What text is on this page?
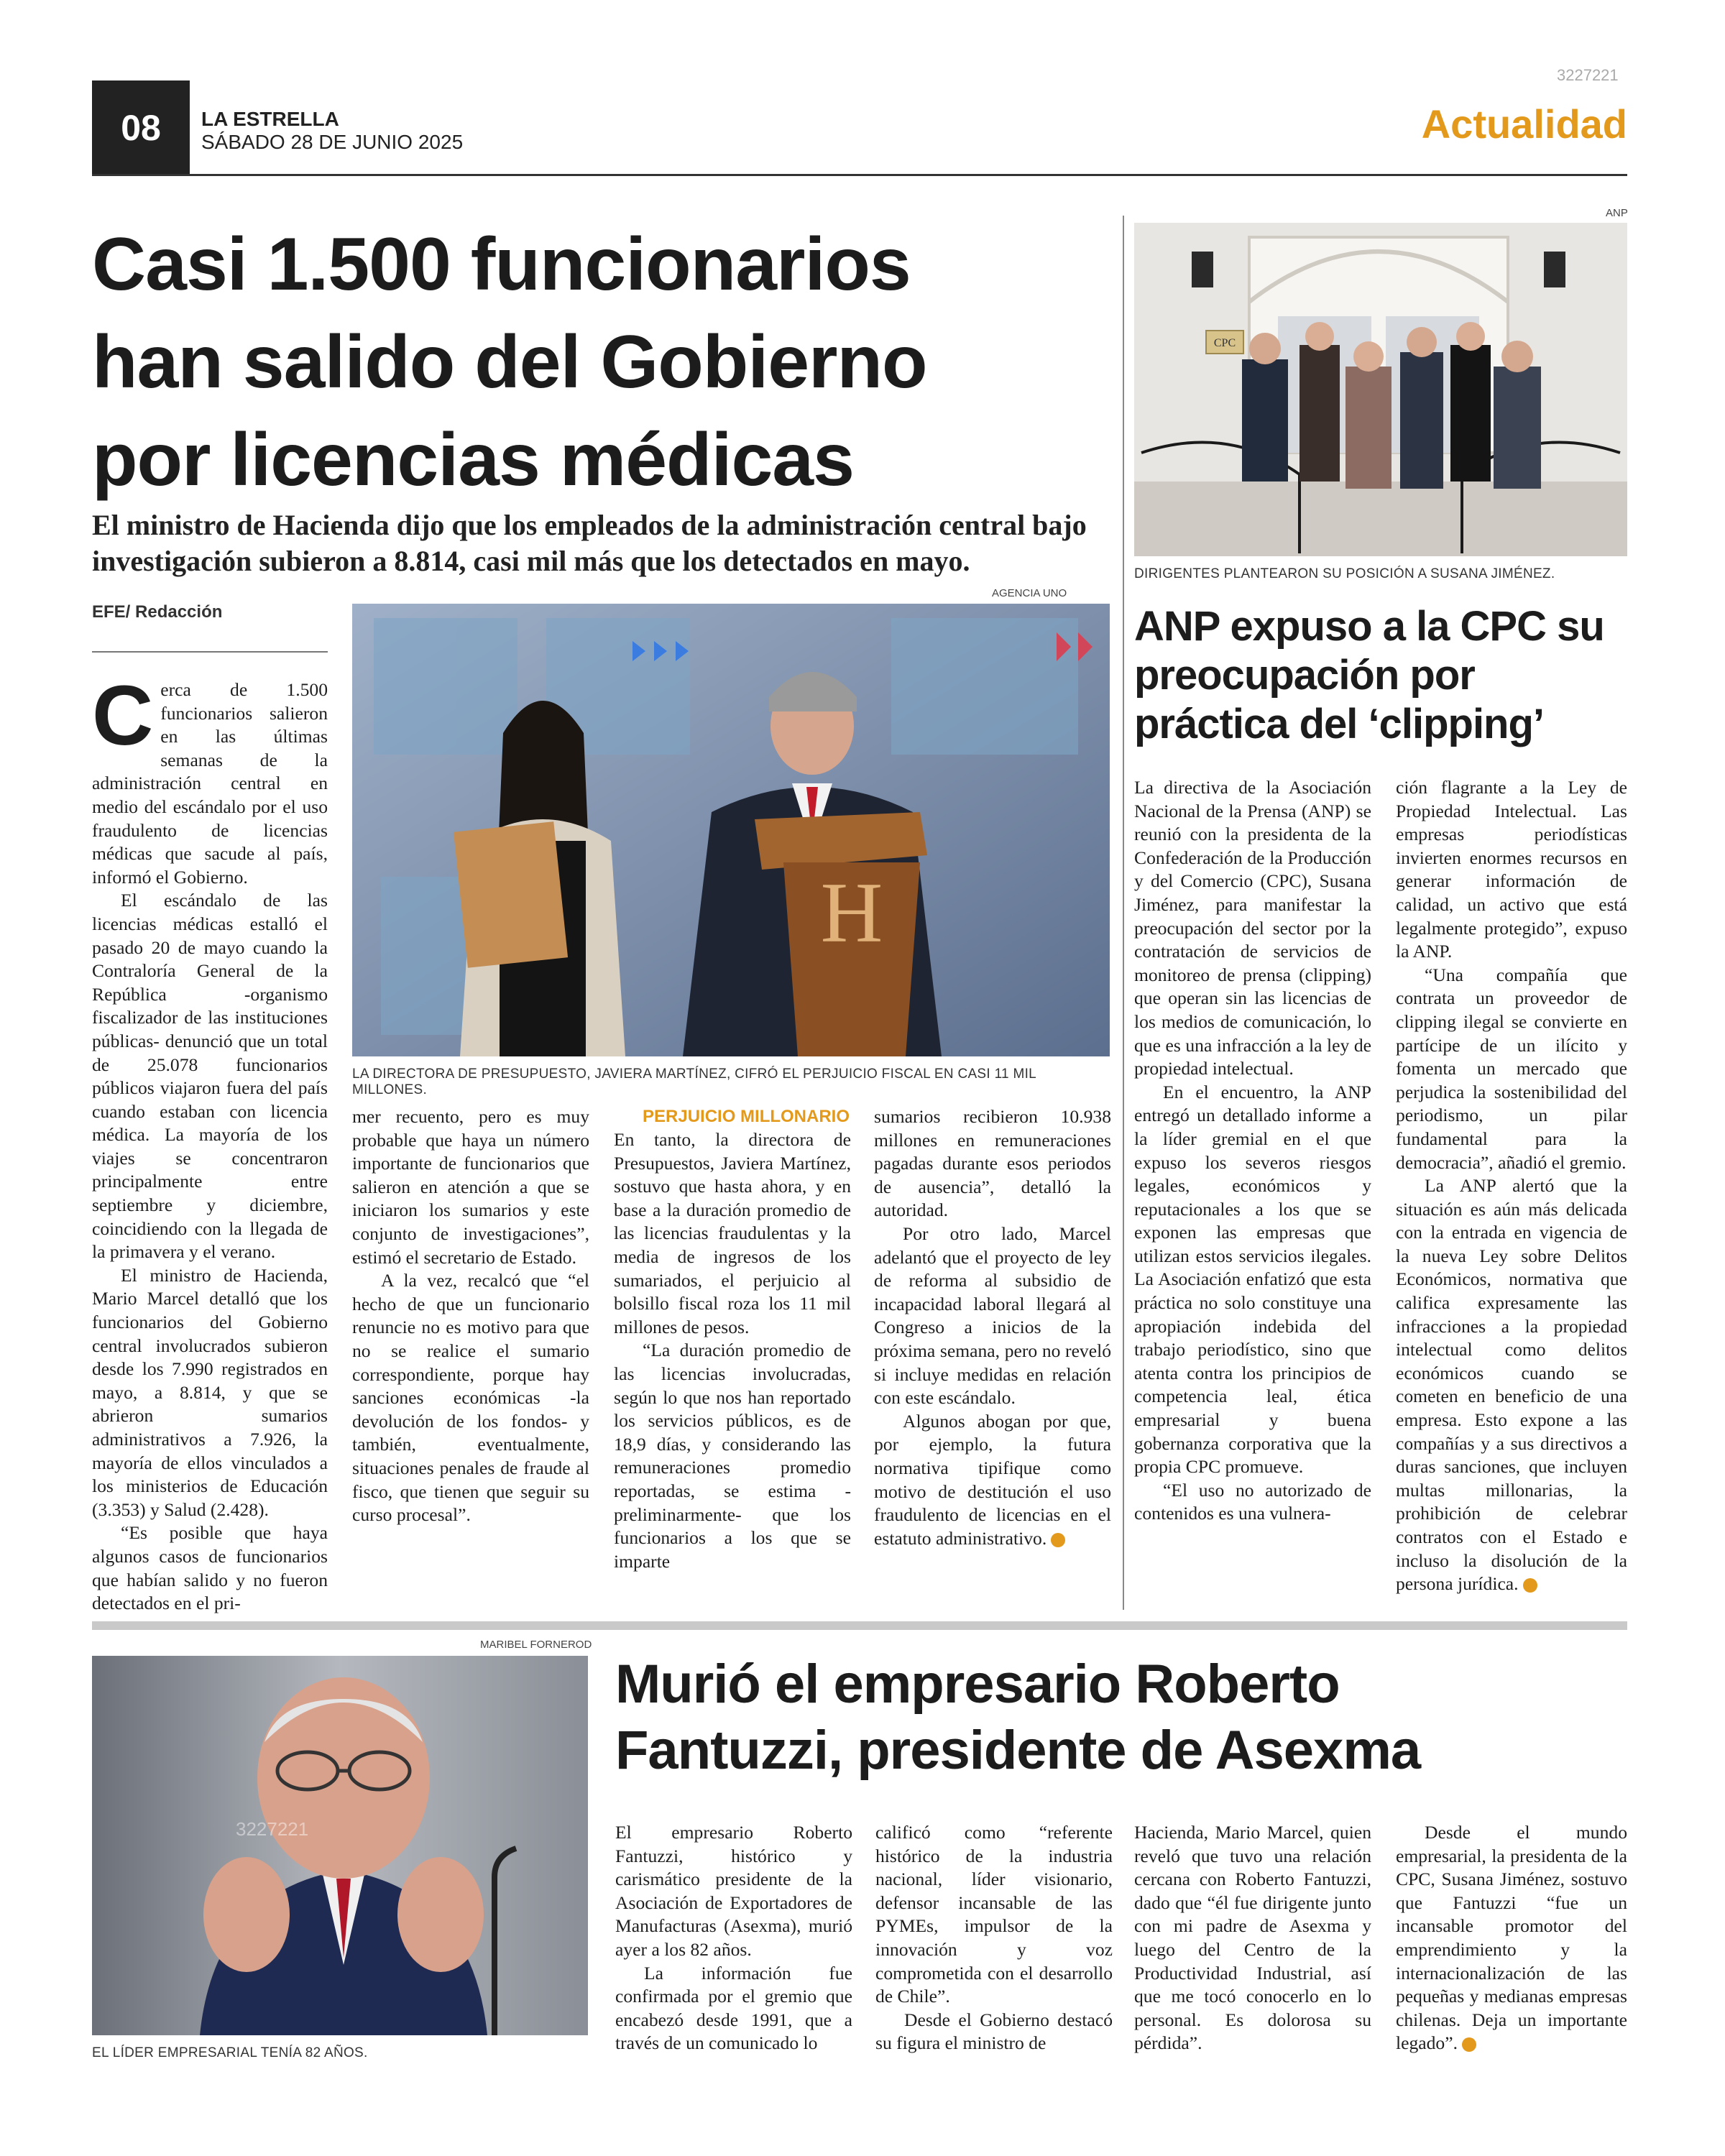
08	LA ESTRELLA
SÁBADO 28 DE JUNIO 2025
3227221
Actualidad
Casi 1.500 funcionarios
han salido del Gobierno
por licencias médicas
El ministro de Hacienda dijo que los empleados de la administración central bajo investigación subieron a 8.814, casi mil más que los detectados en mayo.
EFE/ Redacción
AGENCIA UNO
H
LA DIRECTORA DE PRESUPUESTO, JAVIERA MARTÍNEZ, CIFRÓ EL PERJUICIO FISCAL EN CASI 11 MIL MILLONES.

Cerca de 1.500 funcionarios salieron en las últimas semanas de la administración central en medio del escándalo por el uso fraudulento de licencias médicas que sacude al país, informó el Gobierno.

El escándalo de las licencias médicas estalló el pasado 20 de mayo cuando la Contraloría General de la República -organismo fiscalizador de las instituciones públicas- denunció que un total de 25.078 funcionarios públicos viajaron fuera del país cuando estaban con licencia médica. La mayoría de los viajes se concentraron principalmente entre septiembre y diciembre, coincidiendo con la llegada de la primavera y el verano.

El ministro de Hacienda, Mario Marcel detalló que los funcionarios del Gobierno central involucrados subieron desde los 7.990 registrados en mayo, a 8.814, y que se abrieron sumarios administrativos a 7.926, la mayoría de ellos vinculados a los ministerios de Educación (3.353) y Salud (2.428).

“Es posible que haya algunos casos de funcionarios que habían salido y no fueron detectados en el pri-

mer recuento, pero es muy probable que haya un número importante de funcionarios que salieron en atención a que se iniciaron los sumarios y este conjunto de investigaciones”, estimó el secretario de Estado.

A la vez, recalcó que “el hecho de que un funcionario renuncie no es motivo para que no se realice el sumario correspondiente, porque hay sanciones económicas -la devolución de los fondos- y también, eventualmente, situaciones penales de fraude al fisco, que tienen que seguir su curso procesal”.

PERJUICIO MILLONARIO

En tanto, la directora de Presupuestos, Javiera Martínez, sostuvo que hasta ahora, y en base a la duración promedio de las licencias fraudulentas y la media de ingresos de los sumariados, el perjuicio al bolsillo fiscal roza los 11 mil millones de pesos.

“La duración promedio de las licencias involucradas, según lo que nos han reportado los servicios públicos, es de 18,9 días, y considerando las remuneraciones promedio reportadas, se estima -preliminarmente- que los funcionarios a los que se imparte

sumarios recibieron 10.938 millones en remuneraciones pagadas durante esos periodos de ausencia”, detalló la autoridad.

Por otro lado, Marcel adelantó que el proyecto de ley de reforma al subsidio de incapacidad laboral llegará al Congreso a inicios de la próxima semana, pero no reveló si incluye medidas en relación con este escándalo.

Algunos abogan por que, por ejemplo, la futura normativa tipifique como motivo de destitución el uso fraudulento de licencias en el estatuto administrativo.

ANP
CPC
DIRIGENTES PLANTEARON SU POSICIÓN A SUSANA JIMÉNEZ.
ANP expuso a la CPC su
preocupación por
práctica del ‘clipping’

La directiva de la Asociación Nacional de la Prensa (ANP) se reunió con la presidenta de la Confederación de la Producción y del Comercio (CPC), Susana Jiménez, para manifestar la preocupación del sector por la contratación de servicios de monitoreo de prensa (clipping) que operan sin las licencias de los medios de comunicación, lo que es una infracción a la ley de propiedad intelectual.

En el encuentro, la ANP entregó un detallado informe a la líder gremial en el que expuso los severos riesgos legales, económicos y reputacionales a los que se exponen las empresas que utilizan estos servicios ilegales. La Asociación enfatizó que esta práctica no solo constituye una apropiación indebida del trabajo periodístico, sino que atenta contra los principios de competencia leal, ética empresarial y buena gobernanza corporativa que la propia CPC promueve.

“El uso no autorizado de contenidos es una vulnera-

ción flagrante a la Ley de Propiedad Intelectual. Las empresas periodísticas invierten enormes recursos en generar información de calidad, un activo que está legalmente protegido”, expuso la ANP.

“Una compañía que contrata un proveedor de clipping ilegal se convierte en partícipe de un ilícito y fomenta un mercado que perjudica la sostenibilidad del periodismo, un pilar fundamental para la democracia”, añadió el gremio.

La ANP alertó que la situación es aún más delicada con la entrada en vigencia de la nueva Ley sobre Delitos Económicos, normativa que califica expresamente las infracciones a la propiedad intelectual como delitos económicos cuando se cometen en beneficio de una empresa. Esto expone a las compañías y a sus directivos a duras sanciones, que incluyen multas millonarias, la prohibición de celebrar contratos con el Estado e incluso la disolución de la persona jurídica.

MARIBEL FORNEROD
3227221
EL LÍDER EMPRESARIAL TENÍA 82 AÑOS.
Murió el empresario Roberto
Fantuzzi, presidente de Asexma

El empresario Roberto Fantuzzi, histórico y carismático presidente de la Asociación de Exportadores de Manufacturas (Asexma), murió ayer a los 82 años.

La información fue confirmada por el gremio que encabezó desde 1991, que a través de un comunicado lo

calificó como “referente histórico de la industria nacional, líder visionario, defensor incansable de las PYMEs, impulsor de la innovación y voz comprometida con el desarrollo de Chile”.

Desde el Gobierno destacó su figura el ministro de

Hacienda, Mario Marcel, quien reveló que tuvo una relación cercana con Roberto Fantuzzi, dado que “él fue dirigente junto con mi padre de Asexma y luego del Centro de la Productividad Industrial, así que me tocó conocerlo en lo personal. Es dolorosa su pérdida”.

Desde el mundo empresarial, la presidenta de la CPC, Susana Jiménez, sostuvo que Fantuzzi “fue un incansable promotor del emprendimiento y la internacionalización de las pequeñas y medianas empresas chilenas. Deja un importante legado”.
